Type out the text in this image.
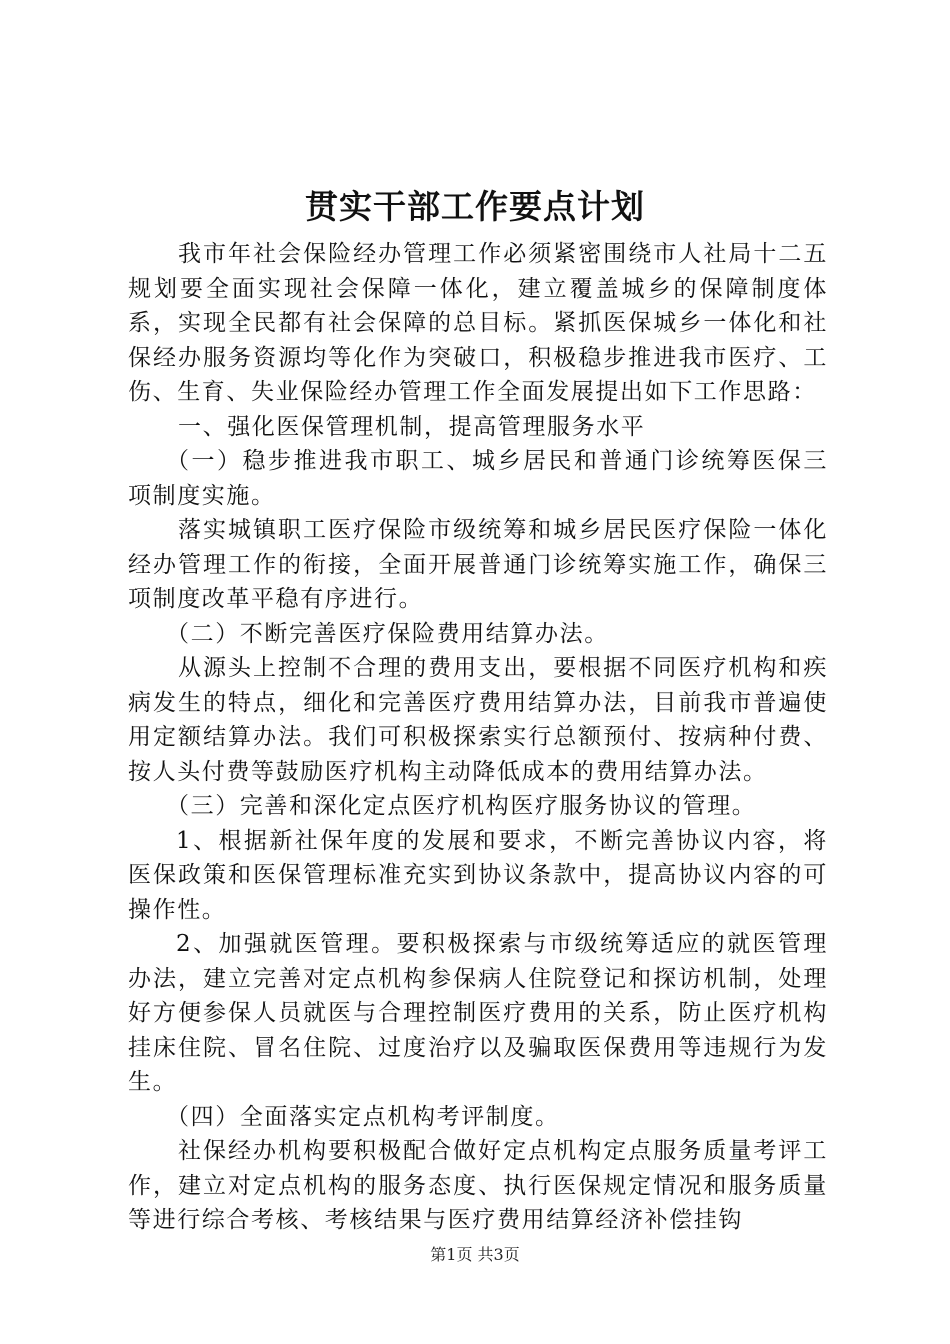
贯实干部工作要点计划

我市年社会保险经办管理工作必须紧密围绕市人社局十二五规划要全面实现社会保障一体化，建立覆盖城乡的保障制度体系，实现全民都有社会保障的总目标。紧抓医保城乡一体化和社保经办服务资源均等化作为突破口，积极稳步推进我市医疗、工伤、生育、失业保险经办管理工作全面发展提出如下工作思路：

一、强化医保管理机制，提高管理服务水平

（一）稳步推进我市职工、城乡居民和普通门诊统筹医保三项制度实施。

落实城镇职工医疗保险市级统筹和城乡居民医疗保险一体化经办管理工作的衔接，全面开展普通门诊统筹实施工作，确保三项制度改革平稳有序进行。

（二）不断完善医疗保险费用结算办法。

从源头上控制不合理的费用支出，要根据不同医疗机构和疾病发生的特点，细化和完善医疗费用结算办法，目前我市普遍使用定额结算办法。我们可积极探索实行总额预付、按病种付费、按人头付费等鼓励医疗机构主动降低成本的费用结算办法。

（三）完善和深化定点医疗机构医疗服务协议的管理。

1、根据新社保年度的发展和要求，不断完善协议内容，将医保政策和医保管理标准充实到协议条款中，提高协议内容的可操作性。

2、加强就医管理。要积极探索与市级统筹适应的就医管理办法，建立完善对定点机构参保病人住院登记和探访机制，处理好方便参保人员就医与合理控制医疗费用的关系，防止医疗机构挂床住院、冒名住院、过度治疗以及骗取医保费用等违规行为发生。

（四）全面落实定点机构考评制度。

社保经办机构要积极配合做好定点机构定点服务质量考评工作，建立对定点机构的服务态度、执行医保规定情况和服务质量等进行综合考核、考核结果与医疗费用结算经济补偿挂钩

第1页 共3页
